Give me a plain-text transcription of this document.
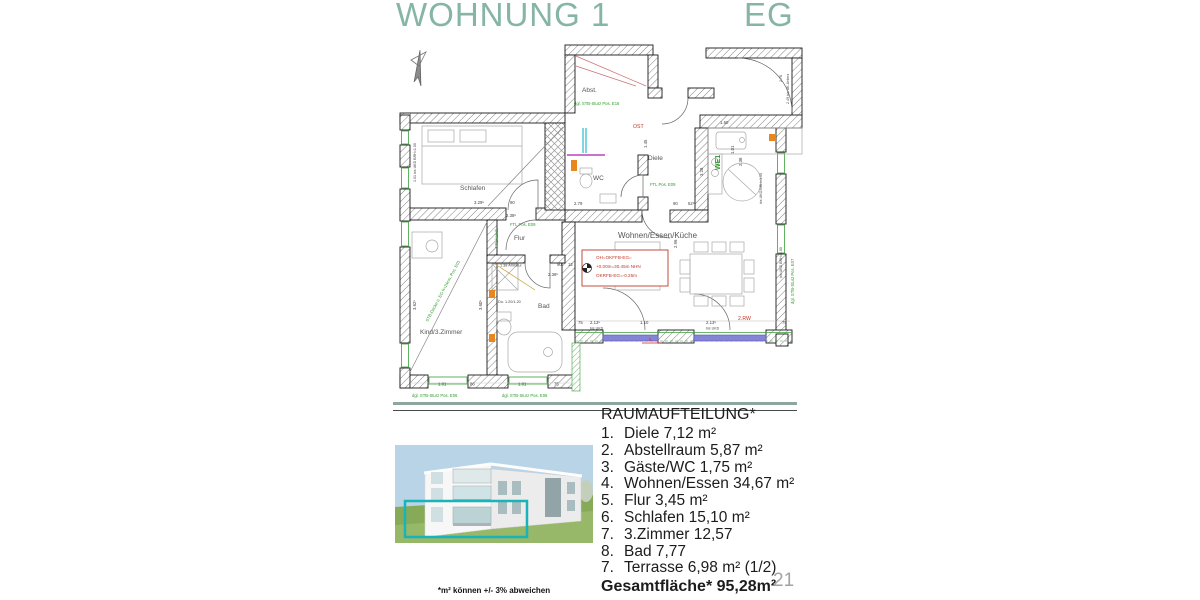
WOHNUNG 1	EG
OH=OKFFB-EG=
+0.00m=30.45m NHN
OKRFB-EG=-0.25m
OST
2.RW
6
Schlafen
Abst.
Diele
WC
Wohnen/Essen/Küche
Flur
Bad
Kind/3.Zimmer
WE1
dgl. STB-Sturz Pos. E16
dgl. STB-Sturz Pos. E06	dgl. STB-Sturz Pos. E06
dgl. STB-Sturz Pos. E07
FTL Pos. E09
FTL Pos. E09
FTL kandt.
STB-Decke ü. EG h=24cm, Pos. E01
3.29⁵	90
2.38⁵
2.79	52⁵
90
2.13⁵
bis UKD
1.10
75	2.13⁵
bis UKD
75
1.38 Armatur
Du. 1.20/1.20
3.62⁵	3.60⁵
1.45
3.28
1.50
2.96
1.01	86	1.01	75
bis UKO BRH=1.50
bis UKD BRH=1.00
2.49 bis UK-Unterz
2.78
1.01 bis UKD BRH=1.00
90 12
2.38⁵
1.01
2.38
RAUMAUFTEILUNG*
1. Diele 7,12 m²
2. Abstellraum 5,87 m²
3. Gäste/WC 1,75 m²
4. Wohnen/Essen 34,67 m²
5. Flur 3,45 m²
6. Schlafen 15,10 m²
7. 3.Zimmer 12,57
8. Bad 7,77
7. Terrasse 6,98 m² (1/2)
Gesamtfläche* 95,28m²
*m² können +/- 3% abweichen	21
